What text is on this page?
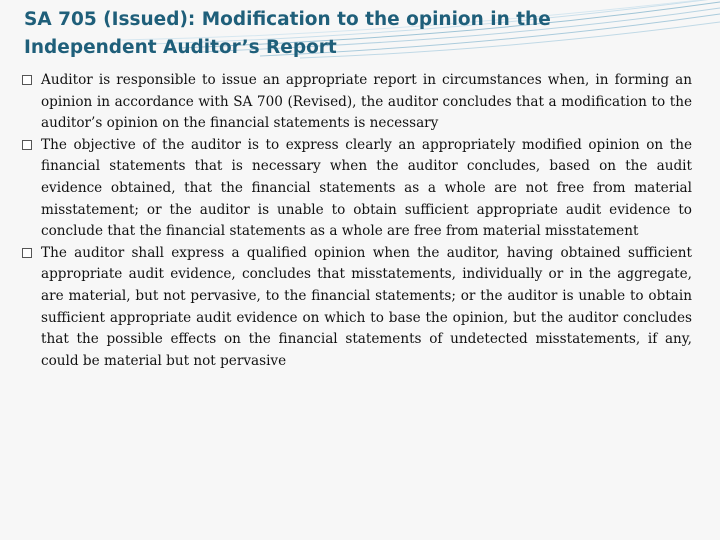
SA 705 (Issued): Modification to the opinion in the Independent Auditor’s Report
Auditor is responsible to issue an appropriate report in circumstances when, in forming an opinion in accordance with SA 700 (Revised), the auditor concludes that a modification to the auditor’s opinion on the financial statements is necessary
The objective of the auditor is to express clearly an appropriately modified opinion on the financial statements that is necessary when the auditor concludes, based on the audit evidence obtained, that the financial statements as a whole are not free from material misstatement; or the auditor is unable to obtain sufficient appropriate audit evidence to conclude that the financial statements as a whole are free from material misstatement
The auditor shall express a qualified opinion when the auditor, having obtained sufficient appropriate audit evidence, concludes that misstatements, individually or in the aggregate, are material, but not pervasive, to the financial statements; or the auditor is unable to obtain sufficient appropriate audit evidence on which to base the opinion, but the auditor concludes that the possible effects on the financial statements of undetected misstatements, if any, could be material but not pervasive
